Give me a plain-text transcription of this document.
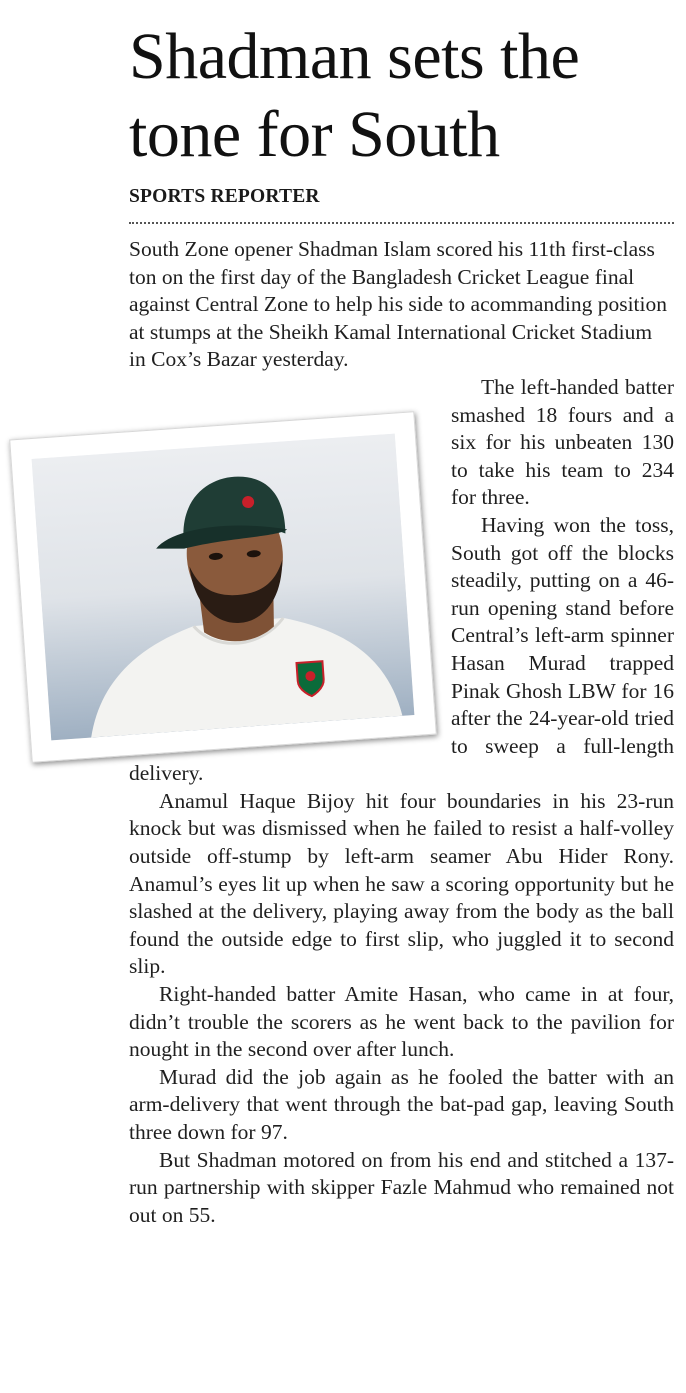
Shadman sets the tone for South
SPORTS REPORTER

South Zone opener Shadman Islam scored his 11th first-class ton on the first day of the Bangladesh Cricket League final against Central Zone to help his side to acommanding position at stumps at the Sheikh Kamal International Cricket Stadium in Cox’s Bazar yesterday.

The left-handed batter smashed 18 fours and a six for his unbeaten 130 to take his team to 234 for three.

Having won the toss, South got off the blocks steadily, putting on a 46-run opening stand before Central’s left-arm spinner Hasan Murad trapped Pinak Ghosh LBW for 16 after the 24-year-old tried to sweep a full-length delivery.

Anamul Haque Bijoy hit four boundaries in his 23-run knock but was dismissed when he failed to resist a half-volley outside off-stump by left-arm seamer Abu Hider Rony. Anamul’s eyes lit up when he saw a scoring opportunity but he slashed at the delivery, playing away from the body as the ball found the outside edge to first slip, who juggled it to second slip.

Right-handed batter Amite Hasan, who came in at four, didn’t trouble the scorers as he went back to the pavilion for nought in the second over after lunch.

Murad did the job again as he fooled the batter with an arm-delivery that went through the bat-pad gap, leaving South three down for 97.

But Shadman motored on from his end and stitched a 137-run partnership with skipper Fazle Mahmud who remained not out on 55.
